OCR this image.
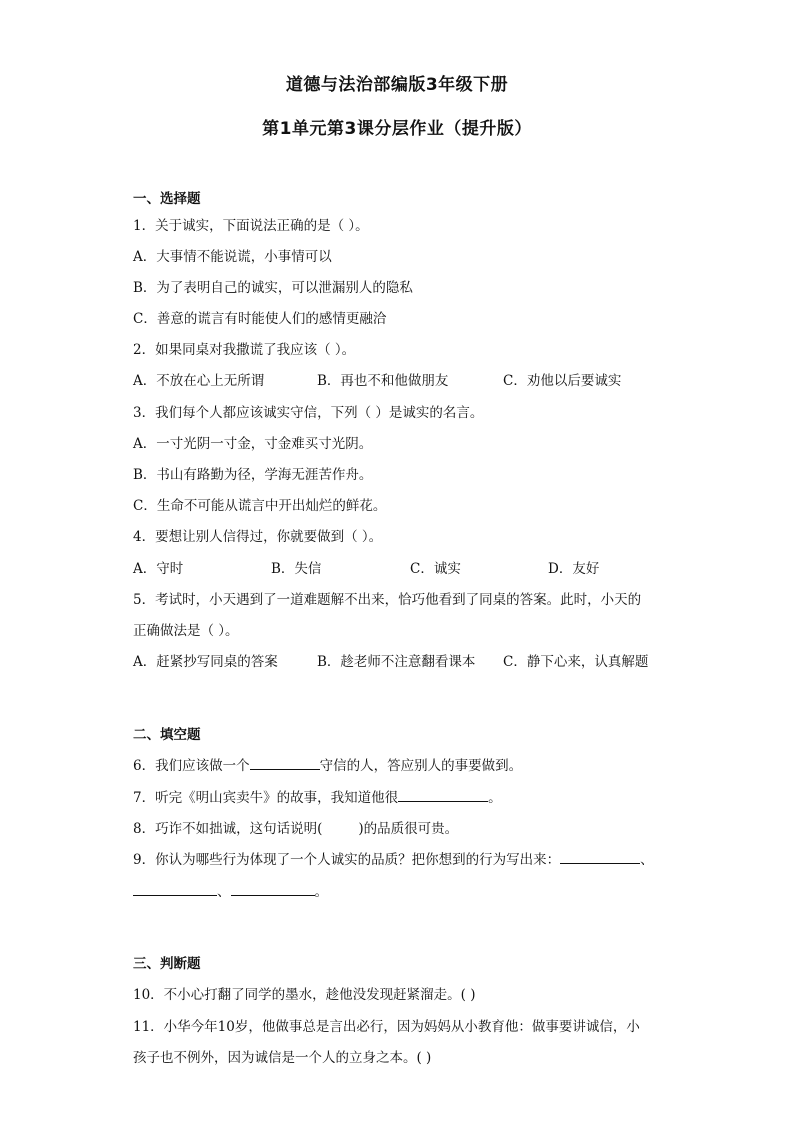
道德与法治部编版3年级下册
第1单元第3课分层作业（提升版）
一、选择题
1．关于诚实，下面说法正确的是（ ）。
A．大事情不能说谎，小事情可以
B．为了表明自己的诚实，可以泄漏别人的隐私
C．善意的谎言有时能使人们的感情更融洽
2．如果同桌对我撒谎了我应该（ ）。
A．不放在心上无所谓	B．再也不和他做朋友	C．劝他以后要诚实
3．我们每个人都应该诚实守信，下列（ ）是诚实的名言。
A．一寸光阴一寸金，寸金难买寸光阴。
B．书山有路勤为径，学海无涯苦作舟。
C．生命不可能从谎言中开出灿烂的鲜花。
4．要想让别人信得过，你就要做到（ ）。
A．守时	B．失信	C．诚实	D．友好
5．考试时，小天遇到了一道难题解不出来，恰巧他看到了同桌的答案。此时，小天的
正确做法是（ ）。
A．赶紧抄写同桌的答案	B．趁老师不注意翻看课本 C．静下心来，认真解题
二、填空题
6．我们应该做一个	守信的人，答应别人的事要做到。
7．听完《明山宾卖牛》的故事，我知道他很	。
8．巧诈不如拙诚，这句话说明(	)的品质很可贵。
9．你认为哪些行为体现了一个人诚实的品质？把你想到的行为写出来：	、
、	。
三、判断题
10．不小心打翻了同学的墨水，趁他没发现赶紧溜走。( )
11．小华今年10岁，他做事总是言出必行，因为妈妈从小教育他：做事要讲诚信，小
孩子也不例外，因为诚信是一个人的立身之本。( )
